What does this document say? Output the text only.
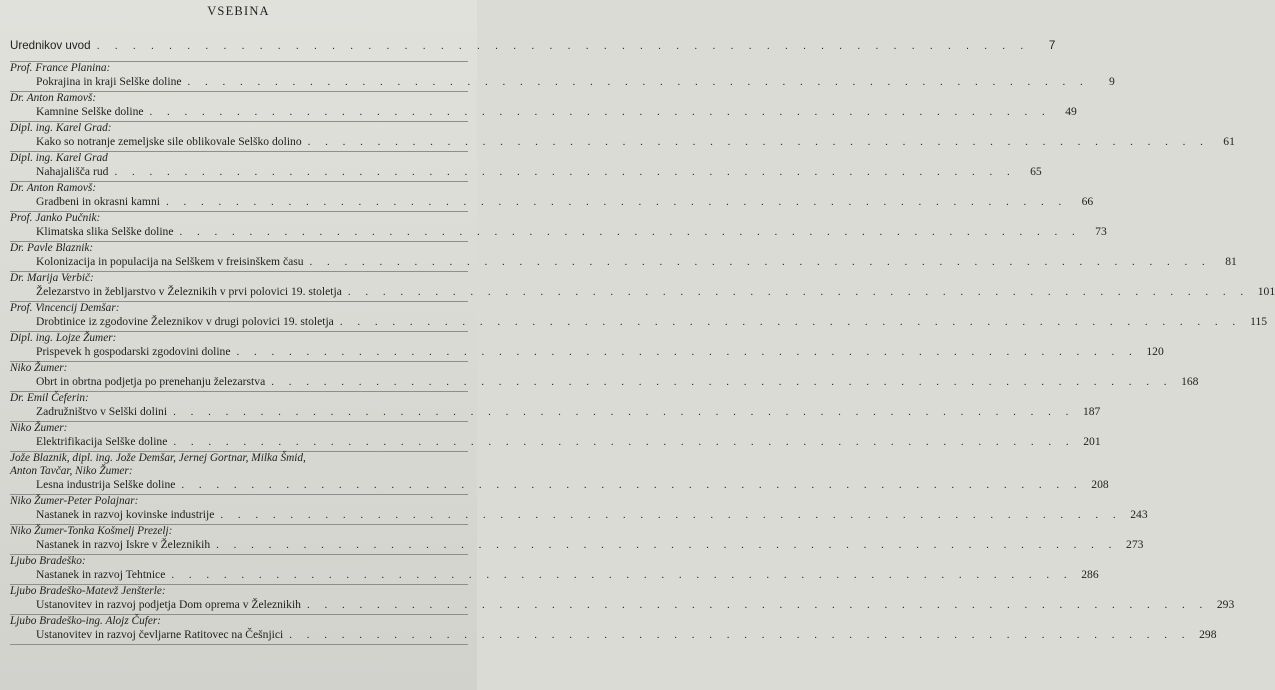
VSEBINA
Urednikov uvod . . . . . . . . . . . . . . . . . . . . . . . . . . . . . . . . . . . . . . . . . . . . . . . . . . . .	7
Prof. France Planina:
Pokrajina in kraji Selške doline . . . . . . . . . . . . . . . . . . . . . . . . . . . . . . . . . . . . . . . . . . . . . . . . . . . .	9
Dr. Anton Ramovš:
Kamnine Selške doline . . . . . . . . . . . . . . . . . . . . . . . . . . . . . . . . . . . . . . . . . . . . . . . . . . . .	49
Dipl. ing. Karel Grad:
Kako so notranje zemeljske sile oblikovale Selško dolino . . . . . . . . . . . . . . . . . . . . . . . . . . . . . . . . . . . . . . . . . . . . . . . . . . . .	61
Dipl. ing. Karel Grad
Nahajališča rud . . . . . . . . . . . . . . . . . . . . . . . . . . . . . . . . . . . . . . . . . . . . . . . . . . . .	65
Dr. Anton Ramovš:
Gradbeni in okrasni kamni . . . . . . . . . . . . . . . . . . . . . . . . . . . . . . . . . . . . . . . . . . . . . . . . . . . .	66
Prof. Janko Pučnik:
Klimatska slika Selške doline . . . . . . . . . . . . . . . . . . . . . . . . . . . . . . . . . . . . . . . . . . . . . . . . . . . .	73
Dr. Pavle Blaznik:
Kolonizacija in populacija na Selškem v freisinškem času . . . . . . . . . . . . . . . . . . . . . . . . . . . . . . . . . . . . . . . . . . . . . . . . . . . .	81
Dr. Marija Verbič:
Železarstvo in žebljarstvo v Železnikih v prvi polovici 19. stoletja . . . . . . . . . . . . . . . . . . . . . . . . . . . . . . . . . . . . . . . . . . . . . . . . . . . . 101
Prof. Vincencij Demšar:
Drobtinice iz zgodovine Železnikov v drugi polovici 19. stoletja . . . . . . . . . . . . . . . . . . . . . . . . . . . . . . . . . . . . . . . . . . . . . . . . . . . . 115
Dipl. ing. Lojze Žumer:
Prispevek h gospodarski zgodovini doline . . . . . . . . . . . . . . . . . . . . . . . . . . . . . . . . . . . . . . . . . . . . . . . . . . . . 120
Niko Žumer:
Obrt in obrtna podjetja po prenehanju železarstva . . . . . . . . . . . . . . . . . . . . . . . . . . . . . . . . . . . . . . . . . . . . . . . . . . . . 168
Dr. Emil Čeferin:
Zadružništvo v Selški dolini . . . . . . . . . . . . . . . . . . . . . . . . . . . . . . . . . . . . . . . . . . . . . . . . . . . . 187
Niko Žumer:
Elektrifikacija Selške doline . . . . . . . . . . . . . . . . . . . . . . . . . . . . . . . . . . . . . . . . . . . . . . . . . . . . 201
Jože Blaznik, dipl. ing. Jože Demšar, Jernej Gortnar, Milka Šmid,
Anton Tavčar, Niko Žumer:
Lesna industrija Selške doline . . . . . . . . . . . . . . . . . . . . . . . . . . . . . . . . . . . . . . . . . . . . . . . . . . . . 208
Niko Žumer-Peter Polajnar:
Nastanek in razvoj kovinske industrije . . . . . . . . . . . . . . . . . . . . . . . . . . . . . . . . . . . . . . . . . . . . . . . . . . . . 243
Niko Žumer-Tonka Košmelj Prezelj:
Nastanek in razvoj Iskre v Železnikih . . . . . . . . . . . . . . . . . . . . . . . . . . . . . . . . . . . . . . . . . . . . . . . . . . . . 273
Ljubo Bradeško:
Nastanek in razvoj Tehtnice . . . . . . . . . . . . . . . . . . . . . . . . . . . . . . . . . . . . . . . . . . . . . . . . . . . . 286
Ljubo Bradeško-Matevž Jenšterle:
Ustanovitev in razvoj podjetja Dom oprema v Železnikih . . . . . . . . . . . . . . . . . . . . . . . . . . . . . . . . . . . . . . . . . . . . . . . . . . . . 293
Ljubo Bradeško-ing. Alojz Čufer:
Ustanovitev in razvoj čevljarne Ratitovec na Češnjici . . . . . . . . . . . . . . . . . . . . . . . . . . . . . . . . . . . . . . . . . . . . . . . . . . . . 298
